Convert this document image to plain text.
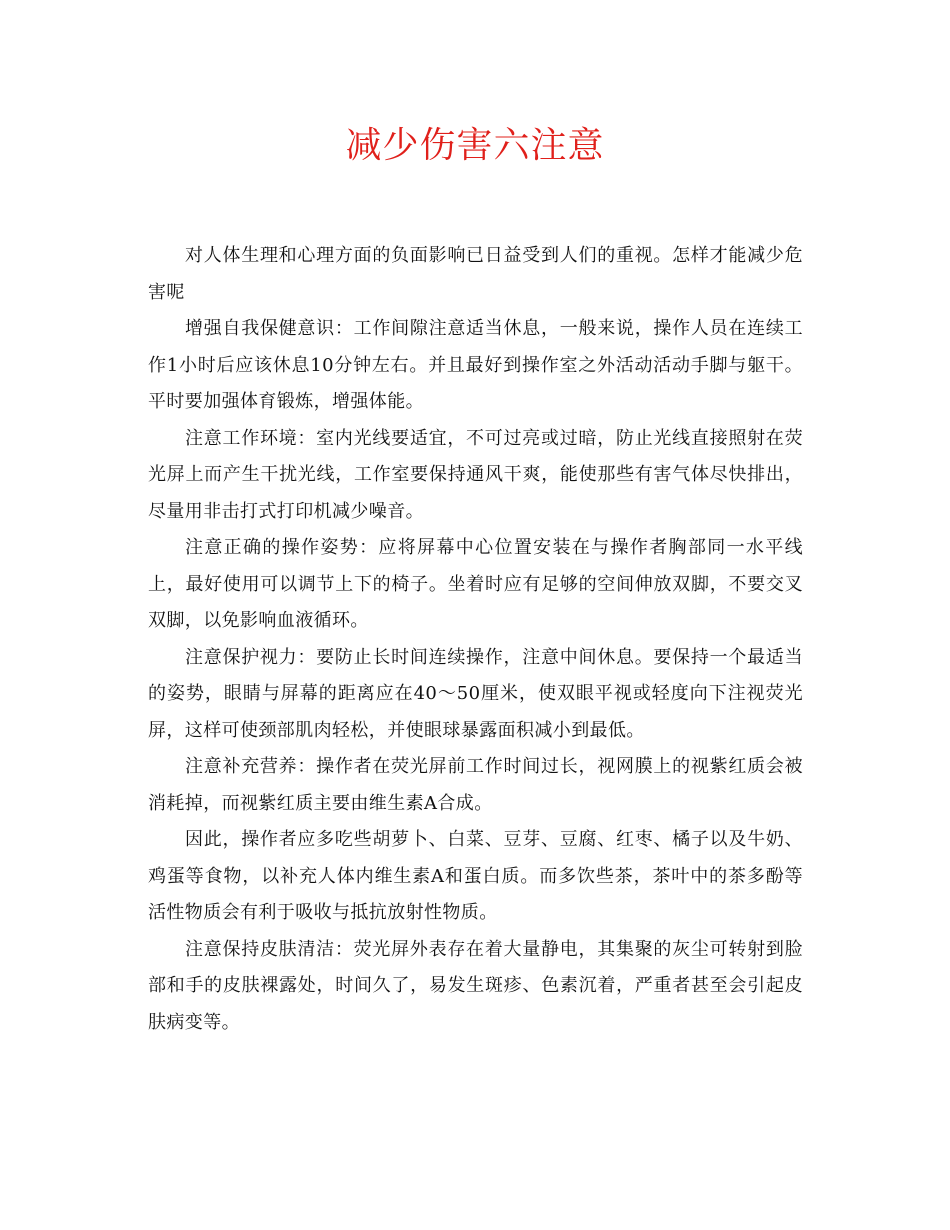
减少伤害六注意

对人体生理和心理方面的负面影响已日益受到人们的重视。怎样才能减少危害呢

增强自我保健意识：工作间隙注意适当休息，一般来说，操作人员在连续工作1小时后应该休息10分钟左右。并且最好到操作室之外活动活动手脚与躯干。平时要加强体育锻炼，增强体能。

注意工作环境：室内光线要适宜，不可过亮或过暗，防止光线直接照射在荧光屏上而产生干扰光线，工作室要保持通风干爽，能使那些有害气体尽快排出，尽量用非击打式打印机减少噪音。

注意正确的操作姿势：应将屏幕中心位置安装在与操作者胸部同一水平线上，最好使用可以调节上下的椅子。坐着时应有足够的空间伸放双脚，不要交叉双脚，以免影响血液循环。

注意保护视力：要防止长时间连续操作，注意中间休息。要保持一个最适当的姿势，眼睛与屏幕的距离应在40～50厘米，使双眼平视或轻度向下注视荧光屏，这样可使颈部肌肉轻松，并使眼球暴露面积减小到最低。

注意补充营养：操作者在荧光屏前工作时间过长，视网膜上的视紫红质会被消耗掉，而视紫红质主要由维生素A合成。

因此，操作者应多吃些胡萝卜、白菜、豆芽、豆腐、红枣、橘子以及牛奶、鸡蛋等食物，以补充人体内维生素A和蛋白质。而多饮些茶，茶叶中的茶多酚等活性物质会有利于吸收与抵抗放射性物质。

注意保持皮肤清洁：荧光屏外表存在着大量静电，其集聚的灰尘可转射到脸部和手的皮肤裸露处，时间久了，易发生斑疹、色素沉着，严重者甚至会引起皮肤病变等。
